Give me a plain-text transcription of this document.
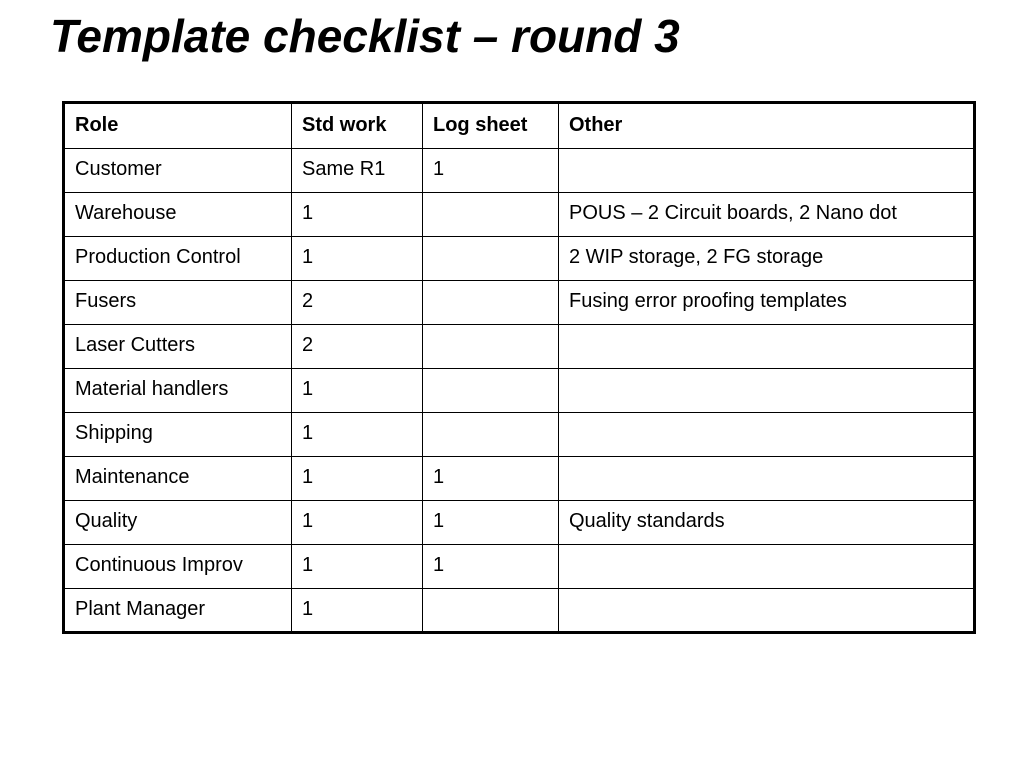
Template checklist – round 3
Role	Std work	Log sheet	Other
Customer	Same R1	1	
Warehouse	1		POUS – 2 Circuit boards, 2 Nano dot
Production Control	1		2 WIP storage, 2 FG storage
Fusers	2		Fusing error proofing templates
Laser Cutters	2		
Material handlers	1		
Shipping	1		
Maintenance	1	1	
Quality	1	1	Quality standards
Continuous Improv	1	1	
Plant Manager	1		
